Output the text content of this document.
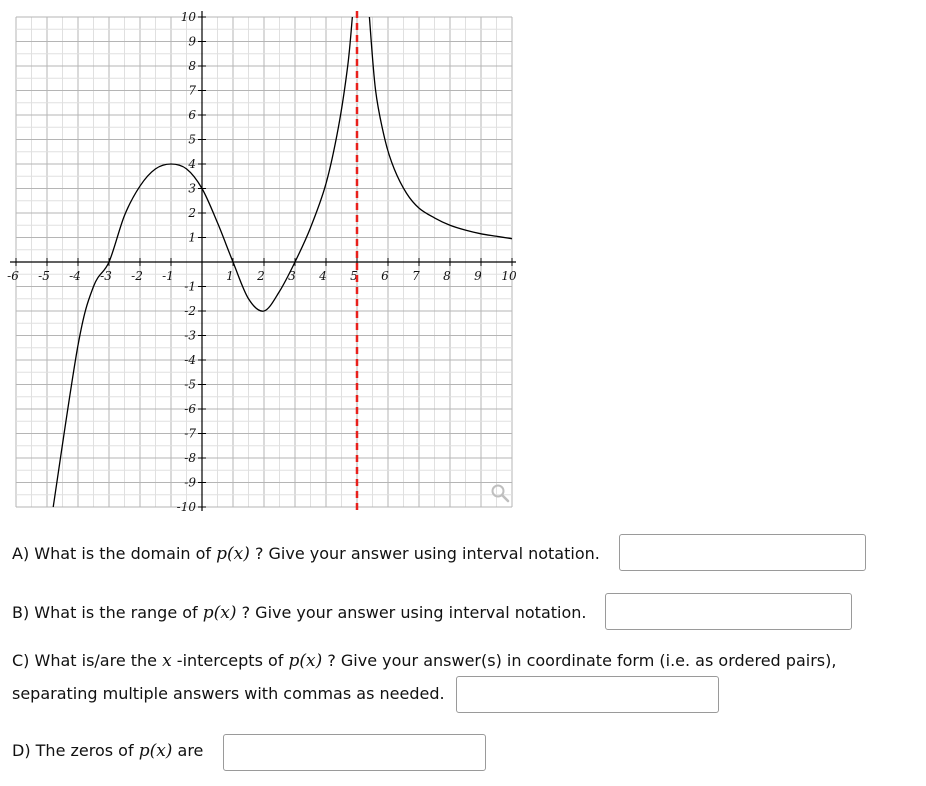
-6 -5 -4 -3 -2 -1	1 2 3 4 5 6 7 8 9 10
10
9
8
7
6
5
4
3
2
1
-1
-2
-3
-4
-5
-6
-7
-8
-9
-10
A) What is the domain of p(x) ? Give your answer using interval notation.
B) What is the range of p(x) ? Give your answer using interval notation.
C) What is/are the x -intercepts of p(x) ? Give your answer(s) in coordinate form (i.e. as ordered pairs),
separating multiple answers with commas as needed.
D) The zeros of p(x) are
